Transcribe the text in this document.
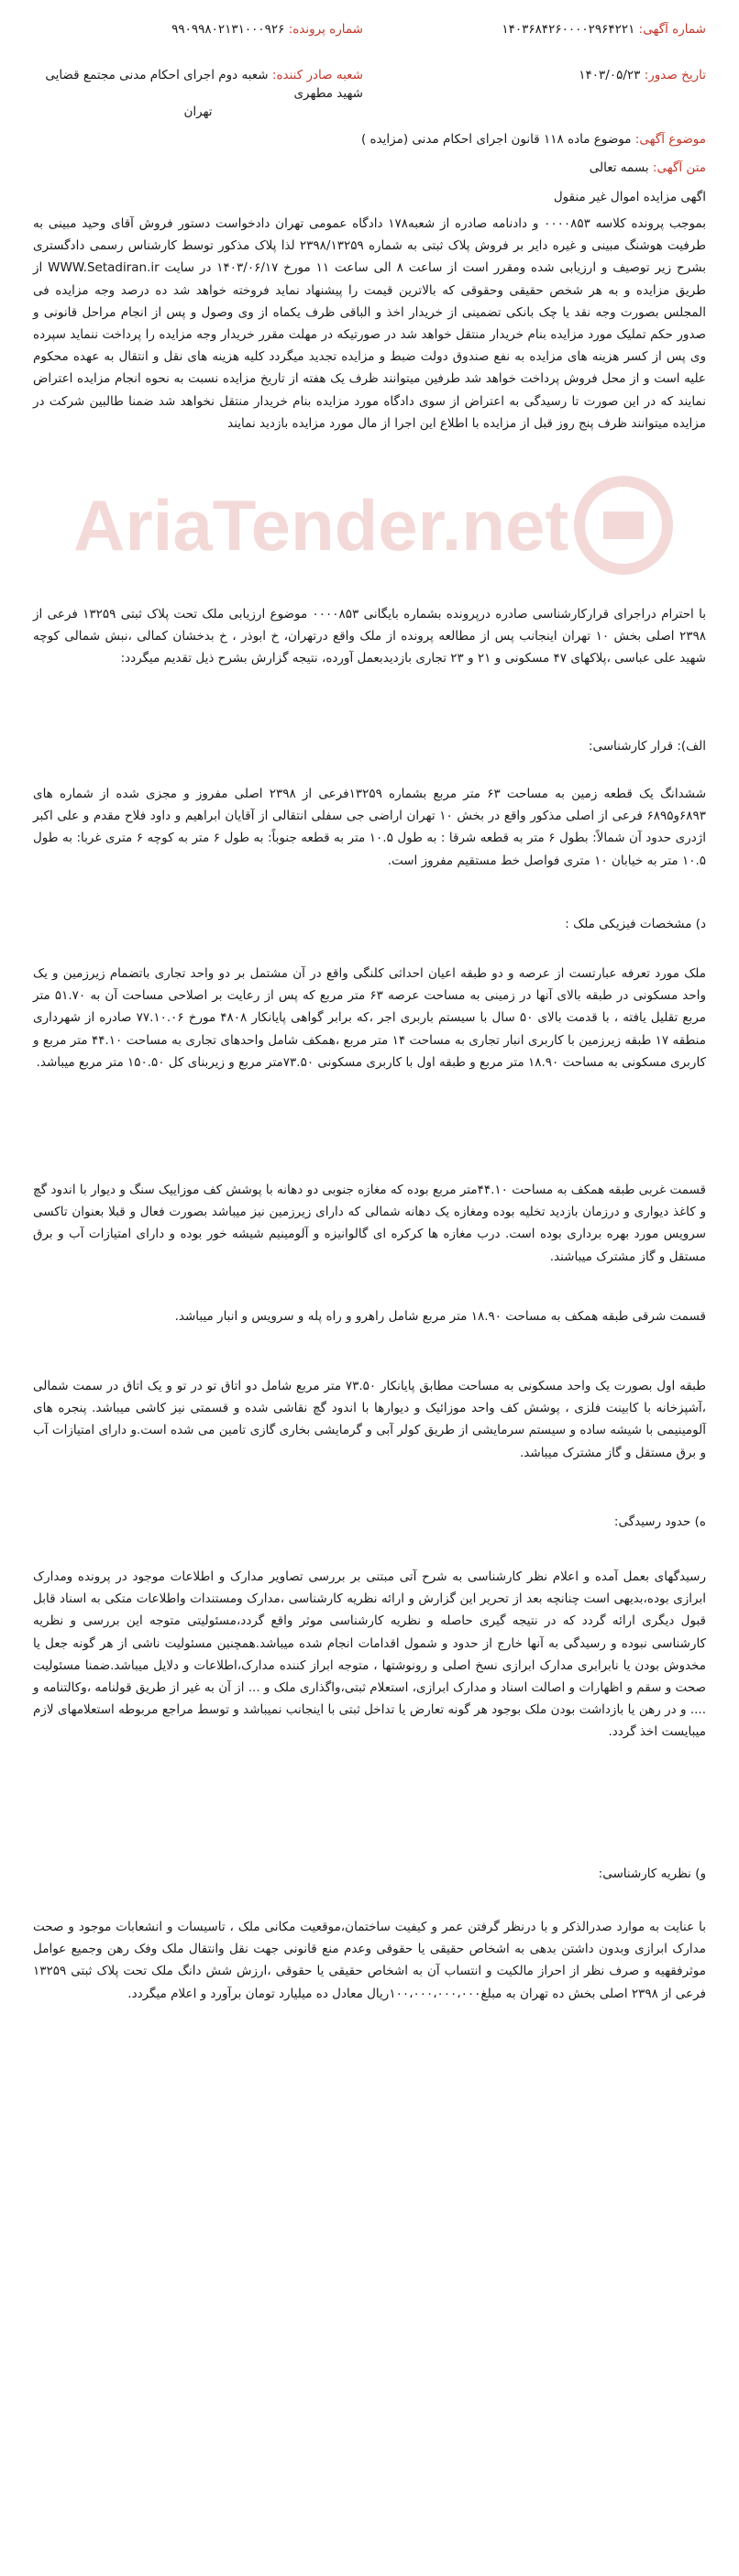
AriaTender.net
شماره آگهی: ۱۴۰۳۶۸۴۲۶۰۰۰۰۲۹۶۴۲۲۱
تاریخ صدور: ۱۴۰۳/۰۵/۲۳
شماره پرونده: ۹۹۰۹۹۸۰۲۱۳۱۰۰۰۹۲۶
شعبه صادر کننده: شعبه دوم اجرای احکام مدنی مجتمع قضایی شهید مطهری
تهران
موضوع آگهی: موضوع ماده ۱۱۸ قانون اجرای احکام مدنی (مزایده )
متن آگهی: بسمه تعالی
اگهی مزایده اموال غیر منقول
بموجب پرونده کلاسه ۰۰۰۰۸۵۳ و دادنامه صادره از شعبه۱۷۸ دادگاه عمومی تهران دادخواست دستور فروش آقای وحید مبینی به طرفیت هوشنگ مبینی و غیره دایر بر فروش پلاک ثبتی به شماره ۲۳۹۸/۱۳۲۵۹ لذا پلاک مذکور توسط کارشناس رسمی دادگستری بشرح زیر توصیف و ارزیابی شده ومقرر است از ساعت ۸ الی ساعت ۱۱ مورخ ۱۴۰۳/۰۶/۱۷ در سایت WWW.Setadiran.ir از طریق مزایده و به هر شخص حقیقی وحقوقی که بالاترین قیمت را پیشنهاد نماید فروخته خواهد شد ده درصد وجه مزایده فی المجلس بصورت وجه نقد یا چک بانکی تضمینی از خریدار اخذ و الباقی ظرف یکماه از وی وصول و پس از انجام مراحل قانونی و صدور حکم تملیک مورد مزایده بنام خریدار منتقل خواهد شد در صورتیکه در مهلت مقرر خریدار وجه مزایده را پرداخت ننماید سپرده وی پس از کسر هزینه های مزایده به نفع صندوق دولت ضبط و مزایده تجدید میگردد کلیه هزینه های نقل و انتقال به عهده محکوم علیه است و از محل فروش پرداخت خواهد شد طرفین میتوانند ظرف یک هفته از تاریخ مزایده نسبت به نحوه انجام مزایده اعتراض نمایند که در این صورت تا رسیدگی به اعتراض از سوی دادگاه مورد مزایده بنام خریدار منتقل نخواهد شد ضمنا طالبین شرکت در مزایده میتوانند ظرف پنج روز قبل از مزایده با اطلاع این اجرا از مال مورد مزایده بازدید نمایند
با احترام دراجرای قرارکارشناسی صادره درپرونده بشماره بایگانی ۰۰۰۰۸۵۳ موضوع ارزیابی ملک تحت پلاک ثبتی ۱۳۲۵۹ فرعی از ۲۳۹۸ اصلی بخش ۱۰ تهران اینجانب پس از مطالعه پرونده از ملک واقع درتهران، خ ابوذر ، خ بدخشان کمالی ،نبش شمالی کوچه شهید علی عباسی ،پلاکهای ۴۷ مسکونی و ۲۱ و ۲۳ تجاری بازدیدبعمل آورده، نتیجه گزارش بشرح ذیل تقدیم میگردد:
الف): قرار کارشناسی:
ششدانگ یک قطعه زمین به مساحت ۶۳ متر مربع بشماره ۱۳۲۵۹فرعی از ۲۳۹۸ اصلی مفروز و مجزی شده از شماره های ۶۸۹۳و۶۸۹۵ فرعی از اصلی مذکور واقع در بخش ۱۰ تهران اراضی جی سفلی انتقالی از آقایان ابراهیم و داود فلاح مقدم و علی اکبر اژدری حدود آن شمالاً: بطول ۶ متر به قطعه شرقا : به طول ۱۰.۵ متر به قطعه جنوباً: به طول ۶ متر به کوچه ۶ متری غربا: به طول ۱۰.۵ متر به خیابان ۱۰ متری فواصل خط مستقیم مفروز است.
د) مشخصات فیزیکی ملک :
ملک مورد تعرفه عبارتست از عرصه و دو طبقه اعیان احداثی کلنگی واقع در آن مشتمل بر دو واحد تجاری باتضمام زیرزمین و یک واحد مسکونی در طبقه بالای آنها در زمینی به مساحت عرصه ۶۳ متر مربع که پس از رعایت بر اصلاحی مساحت آن به ۵۱.۷۰ متر مربع تقلیل یافته ، با قدمت بالای ۵۰ سال با سیستم باربری اجر ،که برابر گواهی پایانکار ۴۸۰۸ مورخ ۷۷.۱۰.۰۶ صادره از شهرداری منطقه ۱۷ طبقه زیرزمین با کاربری انبار تجاری به مساحت ۱۴ متر مربع ،همکف شامل واحدهای تجاری به مساحت ۴۴.۱۰ متر مربع و کاربری مسکونی به مساحت ۱۸.۹۰ متر مربع و طبقه اول با کاربری مسکونی ۷۳.۵۰متر مربع و زیربنای کل ۱۵۰.۵۰ متر مربع میباشد.
قسمت غربی طبقه همکف به مساحت ۴۴.۱۰متر مربع بوده که مغازه جنوبی دو دهانه با پوشش کف موزاییک سنگ و دیوار با اندود گچ و کاغذ دیواری و درزمان بازدید تخلیه بوده ومغازه یک دهانه شمالی که دارای زیرزمین نیز میباشد بصورت فعال و قبلا بعنوان تاکسی سرویس مورد بهره برداری بوده است. درب مغازه ها کرکره ای گالوانیزه و آلومینیم شیشه خور بوده و دارای امتیازات آب و برق مستقل و گاز مشترک میباشند.
قسمت شرقی طبقه همکف به مساحت ۱۸.۹۰ متر مربع شامل راهرو و راه پله و سرویس و انبار میباشد.
طبقه اول بصورت یک واحد مسکونی به مساحت مطابق پایانکار ۷۳.۵۰ متر مربع شامل دو اتاق تو در تو و یک اتاق در سمت شمالی ،آشپزخانه با کابینت فلزی ، پوشش کف واحد موزائیک و دیوارها با اندود گچ نقاشی شده و قسمتی نیز کاشی میباشد. پنجره های آلومینیمی با شیشه ساده و سیستم سرمایشی از طریق کولر آبی و گرمایشی بخاری گازی تامین می شده است.و دارای امتیازات آب و برق مستقل و گاز مشترک میباشد.
ه) حدود رسیدگی:
رسیدگهای بعمل آمده و اعلام نظر کارشناسی به شرح آتی مبتنی بر بررسی تصاویر مدارک و اطلاعات موجود در پرونده ومدارک ابرازی بوده،بدیهی است چنانچه بعد از تحریر این گزارش و ارائه نظریه کارشناسی ،مدارک ومستندات واطلاعات متکی به اسناد قابل قبول دیگری ارائه گردد که در نتیجه گیری حاصله و نظریه کارشناسی موثر واقع گردد،مسئولیتی متوجه این بررسی و نظریه کارشناسی نبوده و رسیدگی به آنها خارج از حدود و شمول اقدامات انجام شده میباشد.همچنین مسئولیت ناشی از هر گونه جعل یا مخدوش بودن یا نابرابری مدارک ابرازی نسخ اصلی و رونوشتها ، متوجه ابراز کننده مدارک،اطلاعات و دلایل میباشد.ضمنا مسئولیت صحت و سقم و اظهارات و اصالت اسناد و مدارک ابرازی، استعلام ثبتی،واگذاری ملک و ... از آن به غیر از طریق قولنامه ،وکالتنامه و .... و در رهن یا بازداشت بودن ملک بوجود هر گونه تعارض یا تداخل ثبتی با اینجانب نمیباشد و توسط مراجع مربوطه استعلامهای لازم میبایست اخذ گردد.
و) نظریه کارشناسی:
با عنایت به موارد صدرالذکر و با درنظر گرفتن عمر و کیفیت ساختمان،موقعیت مکانی ملک ، تاسیسات و انشعابات موجود و صحت مدارک ابرازی وبدون داشتن بدهی به اشخاص حقیقی یا حقوقی وعدم منع قانونی جهت نقل وانتقال ملک وفک رهن وجمیع عوامل موثرفقهیه و صرف نظر از احراز مالکیت و انتساب آن به اشخاص حقیقی یا حقوقی ،ارزش شش دانگ ملک تحت پلاک ثبتی ۱۳۲۵۹ فرعی از ۲۳۹۸ اصلی بخش ده تهران به مبلغ۱۰۰،۰۰۰،۰۰۰،۰۰۰ریال معادل ده میلیارد تومان برآورد و اعلام میگردد.
